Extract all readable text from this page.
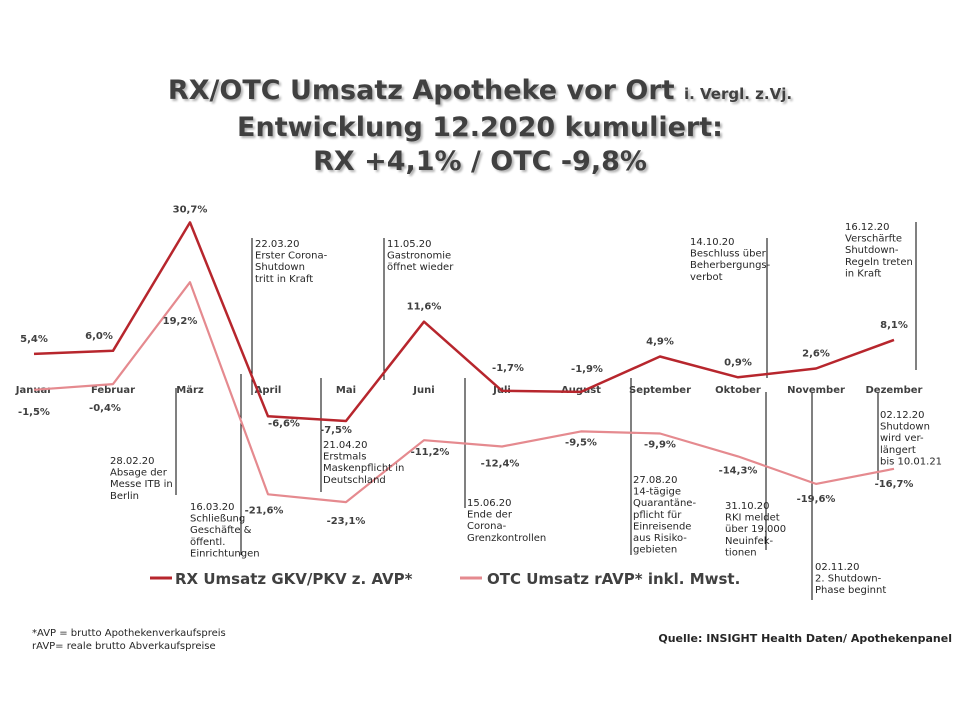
RX/OTC Umsatz Apotheke vor Ort i. Vergl. z.Vj.
Entwicklung 12.2020 kumuliert:
RX +4,1% / OTC -9,8%
Januar	Februar	März	April	Mai	Juni	Juli	August	September Oktober	November Dezember
5,4%	6,0%
30,7%
-6,6%
-7,5%
11,6%
-1,7%	-1,9%
4,9%
0,9%
2,6%
8,1%
-1,5%	-0,4%
19,2%
-21,6%
-23,1%
-11,2%
-12,4%
-9,5%	-9,9%
-14,3%
-19,6%
-16,7%
28.02.20 Absage der Messe ITB in Berlin
16.03.20 Schließung Geschäfte & öffentl. Einrichtungen
22.03.20 Erster Corona-Shutdown tritt in Kraft
21.04.20 Erstmals Maskenpflicht in Deutschland
11.05.20 Gastronomie öffnet wieder
15.06.20 Ende der Corona-Grenzkontrollen
27.08.20 14-tägige Quarantäne-pflicht für Einreisende aus Risiko-gebieten
14.10.20 Beschluss über Beherbergungs-verbot
31.10.20 RKI meldet über 19.000 Neuinfek-tionen
02.11.20 2. Shutdown-Phase beginnt
02.12.20 Shutdown wird ver-längert bis 10.01.21
16.12.20 Verschärfte Shutdown-Regeln treten in Kraft
RX Umsatz GKV/PKV z. AVP*	OTC Umsatz rAVP* inkl. Mwst.
*AVP = brutto Apothekenverkaufspreis
rAVP= reale brutto Abverkaufspreise
Quelle: INSIGHT Health Daten/ Apothekenpanel
